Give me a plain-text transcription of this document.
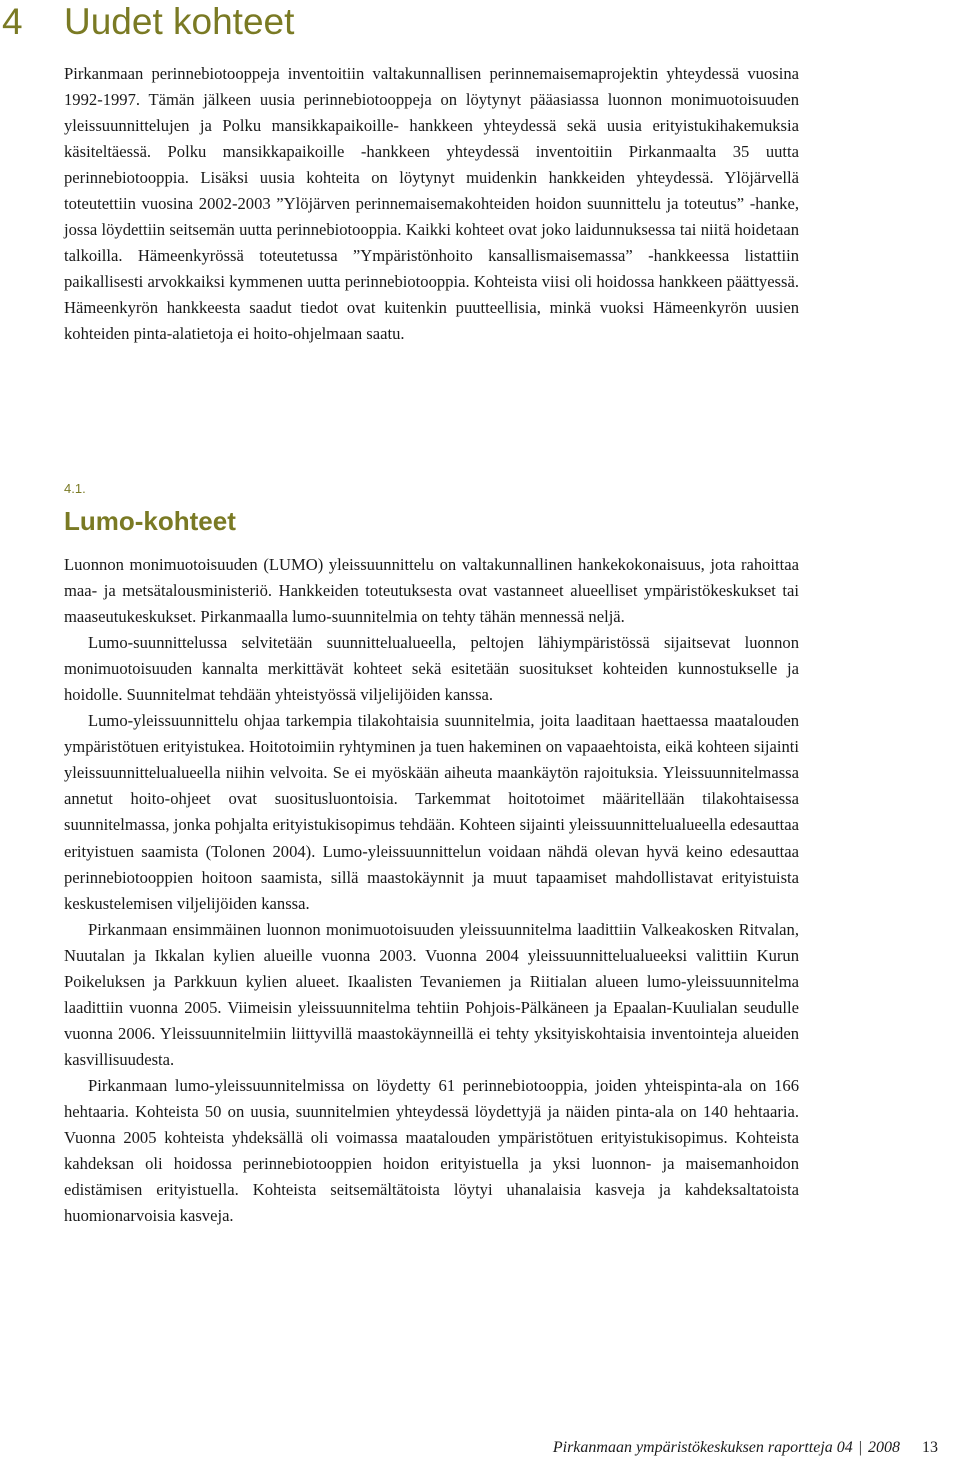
4 Uudet kohteet

Pirkanmaan perinnebiotooppeja inventoitiin valtakunnallisen perinnemaisemaprojektin yhteydessä vuosina 1992-1997. Tämän jälkeen uusia perinnebiotooppeja on löytynyt pääasiassa luonnon monimuotoisuuden yleissuunnittelujen ja Polku mansikkapaikoille- hankkeen yhteydessä sekä uusia erityistukihakemuksia käsiteltäessä. Polku mansikkapaikoille -hankkeen yhteydessä inventoitiin Pirkanmaalta 35 uutta perinnebiotooppia. Lisäksi uusia kohteita on löytynyt muidenkin hankkeiden yhteydessä. Ylöjärvellä toteutettiin vuosina 2002-2003 ”Ylöjärven perinnemaisemakohteiden hoidon suunnittelu ja toteutus” -hanke, jossa löydettiin seitsemän uutta perinnebiotooppia. Kaikki kohteet ovat joko laidunnuksessa tai niitä hoidetaan talkoilla. Hämeenkyrössä toteutetussa ”Ympäristönhoito kansallismaisemassa” -hankkeessa listattiin paikallisesti arvokkaiksi kymmenen uutta perinnebiotooppia. Kohteista viisi oli hoidossa hankkeen päättyessä. Hämeenkyrön hankkeesta saadut tiedot ovat kuitenkin puutteellisia, minkä vuoksi Hämeenkyrön uusien kohteiden pinta-alatietoja ei hoito-ohjelmaan saatu.

4.1.
Lumo-kohteet

Luonnon monimuotoisuuden (LUMO) yleissuunnittelu on valtakunnallinen hankekokonaisuus, jota rahoittaa maa- ja metsätalousministeriö. Hankkeiden toteutuksesta ovat vastanneet alueelliset ympäristökeskukset tai maaseutukeskukset. Pirkanmaalla lumo-suunnitelmia on tehty tähän mennessä neljä.

Lumo-suunnittelussa selvitetään suunnittelualueella, peltojen lähiympäristössä sijaitsevat luonnon monimuotoisuuden kannalta merkittävät kohteet sekä esitetään suositukset kohteiden kunnostukselle ja hoidolle. Suunnitelmat tehdään yhteistyössä viljelijöiden kanssa.

Lumo-yleissuunnittelu ohjaa tarkempia tilakohtaisia suunnitelmia, joita laaditaan haettaessa maatalouden ympäristötuen erityistukea. Hoitotoimiin ryhtyminen ja tuen hakeminen on vapaaehtoista, eikä kohteen sijainti yleissuunnittelualueella niihin velvoita. Se ei myöskään aiheuta maankäytön rajoituksia. Yleissuunnitelmassa annetut hoito-ohjeet ovat suositusluontoisia. Tarkemmat hoitotoimet määritellään tilakohtaisessa suunnitelmassa, jonka pohjalta erityistukisopimus tehdään. Kohteen sijainti yleissuunnittelualueella edesauttaa erityistuen saamista (Tolonen 2004). Lumo-yleissuunnittelun voidaan nähdä olevan hyvä keino edesauttaa perinnebiotooppien hoitoon saamista, sillä maastokäynnit ja muut tapaamiset mahdollistavat erityistuista keskustelemisen viljelijöiden kanssa.

Pirkanmaan ensimmäinen luonnon monimuotoisuuden yleissuunnitelma laadittiin Valkeakosken Ritvalan, Nuutalan ja Ikkalan kylien alueille vuonna 2003. Vuonna 2004 yleissuunnittelualueeksi valittiin Kurun Poikeluksen ja Parkkuun kylien alueet. Ikaalisten Tevaniemen ja Riitialan alueen lumo-yleissuunnitelma laadittiin vuonna 2005. Viimeisin yleissuunnitelma tehtiin Pohjois-Pälkäneen ja Epaalan-Kuulialan seudulle vuonna 2006. Yleissuunnitelmiin liittyvillä maastokäynneillä ei tehty yksityiskohtaisia inventointeja alueiden kasvillisuudesta.

Pirkanmaan lumo-yleissuunnitelmissa on löydetty 61 perinnebiotooppia, joiden yhteispinta-ala on 166 hehtaaria. Kohteista 50 on uusia, suunnitelmien yhteydessä löydettyjä ja näiden pinta-ala on 140 hehtaaria. Vuonna 2005 kohteista yhdeksällä oli voimassa maatalouden ympäristötuen erityistukisopimus. Kohteista kahdeksan oli hoidossa perinnebiotooppien hoidon erityistuella ja yksi luonnon- ja maisemanhoidon edistämisen erityistuella. Kohteista seitsemältätoista löytyi uhanalaisia kasveja ja kahdeksaltatoista huomionarvoisia kasveja.

Pirkanmaan ympäristökeskuksen raportteja 04 | 2008 13
